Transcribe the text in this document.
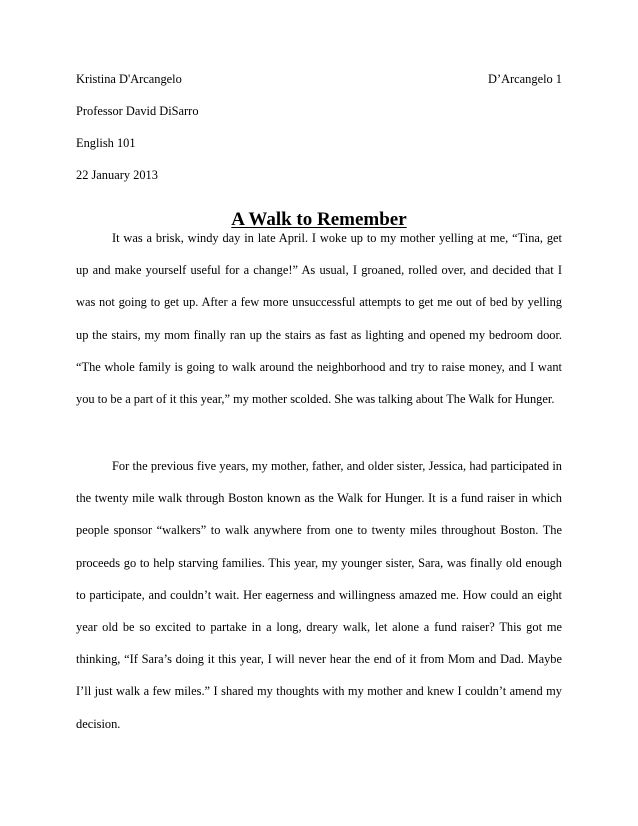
Kristina D'Arcangelo	D’Arcangelo 1
Professor David DiSarro
English 101
22 January 2013
A Walk to Remember
It was a brisk, windy day in late April. I woke up to my mother yelling at me, “Tina, get up and make yourself useful for a change!” As usual, I groaned, rolled over, and decided that I was not going to get up. After a few more unsuccessful attempts to get me out of bed by yelling up the stairs, my mom finally ran up the stairs as fast as lighting and opened my bedroom door. “The whole family is going to walk around the neighborhood and try to raise money, and I want you to be a part of it this year,” my mother scolded. She was talking about The Walk for Hunger.
For the previous five years, my mother, father, and older sister, Jessica, had participated in the twenty mile walk through Boston known as the Walk for Hunger. It is a fund raiser in which people sponsor “walkers” to walk anywhere from one to twenty miles throughout Boston. The proceeds go to help starving families. This year, my younger sister, Sara, was finally old enough to participate, and couldn’t wait. Her eagerness and willingness amazed me. How could an eight year old be so excited to partake in a long, dreary walk, let alone a fund raiser? This got me thinking, “If Sara’s doing it this year, I will never hear the end of it from Mom and Dad. Maybe I’ll just walk a few miles.” I shared my thoughts with my mother and knew I couldn’t amend my decision.
